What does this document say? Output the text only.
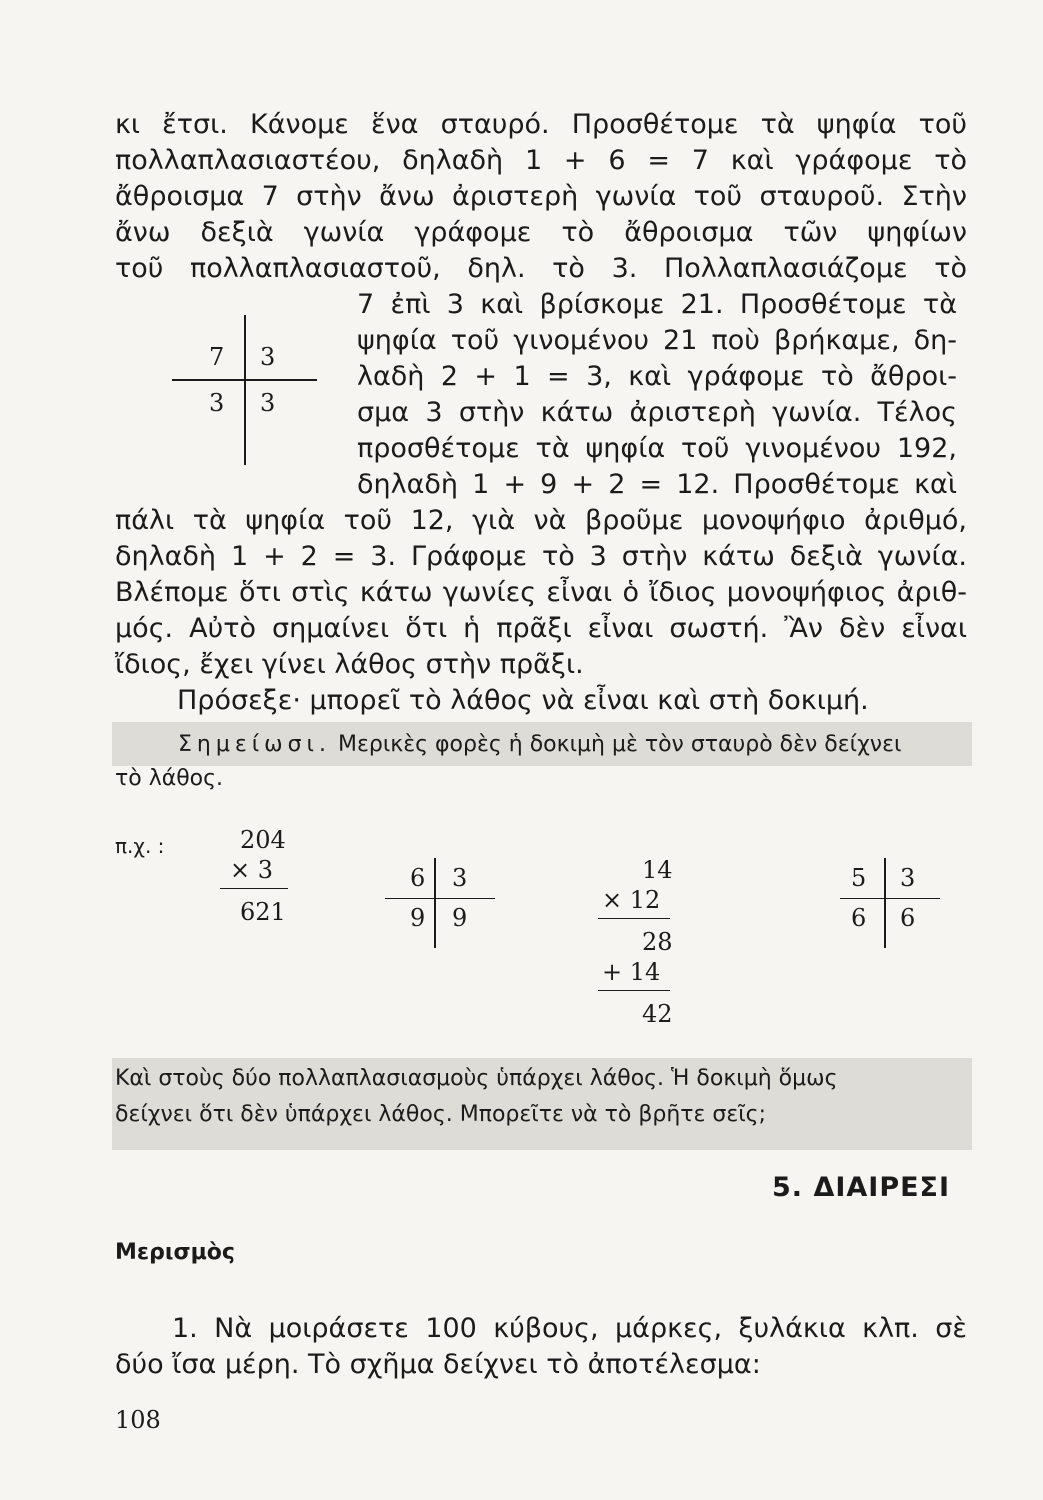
κι ἔτσι. Κάνομε ἕνα σταυρό. Προσθέτομε τὰ ψηφία τοῦ
πολλαπλασιαστέου, δηλαδὴ 1 + 6 = 7 καὶ γράφομε τὸ
ἄθροισμα 7 στὴν ἄνω ἀριστερὴ γωνία τοῦ σταυροῦ. Στὴν
ἄνω δεξιὰ γωνία γράφομε τὸ ἄθροισμα τῶν ψηφίων
τοῦ πολλαπλασιαστοῦ, δηλ. τὸ 3. Πολλαπλασιάζομε τὸ
7 ἐπὶ 3 καὶ βρίσκομε 21. Προσθέτομε τὰ
ψηφία τοῦ γινομένου 21 ποὺ βρήκαμε, δη-
λαδὴ 2 + 1 = 3, καὶ γράφομε τὸ ἄθροι-
σμα 3 στὴν κάτω ἀριστερὴ γωνία. Τέλος
προσθέτομε τὰ ψηφία τοῦ γινομένου 192,
δηλαδὴ 1 + 9 + 2 = 12. Προσθέτομε καὶ
7 3
3 3
πάλι τὰ ψηφία τοῦ 12, γιὰ νὰ βροῦμε μονοψήφιο ἀριθμό,
δηλαδὴ 1 + 2 = 3. Γράφομε τὸ 3 στὴν κάτω δεξιὰ γωνία.
Βλέπομε ὅτι στὶς κάτω γωνίες εἶναι ὁ ἴδιος μονοψήφιος ἀριθ-
μός. Αὐτὸ σημαίνει ὅτι ἡ πρᾶξι εἶναι σωστή. Ἂν δὲν εἶναι
ἴδιος, ἔχει γίνει λάθος στὴν πρᾶξι.
Πρόσεξε· μπορεῖ τὸ λάθος νὰ εἶναι καὶ στὴ δοκιμή.
Σημείωσι. Μερικὲς φορὲς ἡ δοκιμὴ μὲ τὸν σταυρὸ δὲν δείχνει
τὸ λάθος.
π.χ. :	204
× 3
621
6 3
9 9
14
× 12
28
+ 14
42
5 3
6 6
Καὶ στοὺς δύο πολλαπλασιασμοὺς ὑπάρχει λάθος. Ἡ δοκιμὴ ὅμως
δείχνει ὅτι δὲν ὑπάρχει λάθος. Μπορεῖτε νὰ τὸ βρῆτε σεῖς;
5. ΔΙΑΙΡΕΣΙ
Μερισμὸς
1. Νὰ μοιράσετε 100 κύβους, μάρκες, ξυλάκια κλπ. σὲ
δύο ἴσα μέρη. Τὸ σχῆμα δείχνει τὸ ἀποτέλεσμα:
108
